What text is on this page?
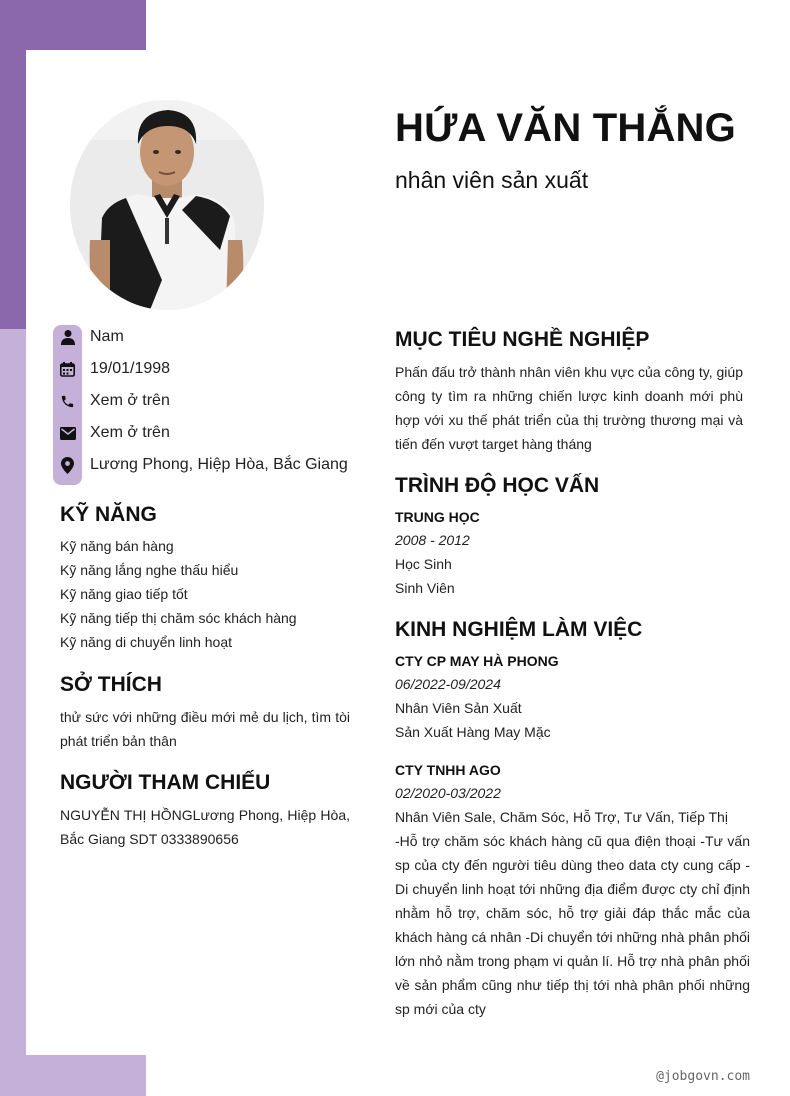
HỨA VĂN THẮNG
nhân viên sản xuất
Nam
19/01/1998
Xem ở trên
Xem ở trên
Lương Phong, Hiệp Hòa, Bắc Giang
KỸ NĂNG
Kỹ năng bán hàng
Kỹ năng lắng nghe thấu hiểu
Kỹ năng giao tiếp tốt
Kỹ năng tiếp thị chăm sóc khách hàng
Kỹ năng di chuyển linh hoạt
SỞ THÍCH
thử sức với những điều mới mẻ du lịch, tìm tòi phát triển bản thân
NGƯỜI THAM CHIẾU
NGUYỄN THỊ HỒNGLương Phong, Hiệp Hòa, Bắc Giang SDT 0333890656
MỤC TIÊU NGHỀ NGHIỆP
Phấn đấu trở thành nhân viên khu vực của công ty, giúp công ty tìm ra những chiến lược kinh doanh mới phù hợp với xu thế phát triển của thị trường thương mại và tiến đến vượt target hàng tháng
TRÌNH ĐỘ HỌC VẤN
TRUNG HỌC
2008 - 2012
Học Sinh
Sinh Viên
KINH NGHIỆM LÀM VIỆC
CTY CP MAY HÀ PHONG
06/2022-09/2024
Nhân Viên Sản Xuất
Sản Xuất Hàng May Mặc
CTY TNHH AGO
02/2020-03/2022
Nhân Viên Sale, Chăm Sóc, Hỗ Trợ, Tư Vấn, Tiếp Thị
-Hỗ trợ chăm sóc khách hàng cũ qua điện thoại -Tư vấn sp của cty đến người tiêu dùng theo data cty cung cấp -Di chuyển linh hoạt tới những địa điểm được cty chỉ định nhằm hỗ trợ, chăm sóc, hỗ trợ giải đáp thắc mắc của khách hàng cá nhân -Di chuyển tới những nhà phân phối lớn nhỏ nằm trong phạm vi quản lí. Hỗ trợ nhà phân phối về sản phẩm cũng như tiếp thị tới nhà phân phối những sp mới của cty
@jobgovn.com
